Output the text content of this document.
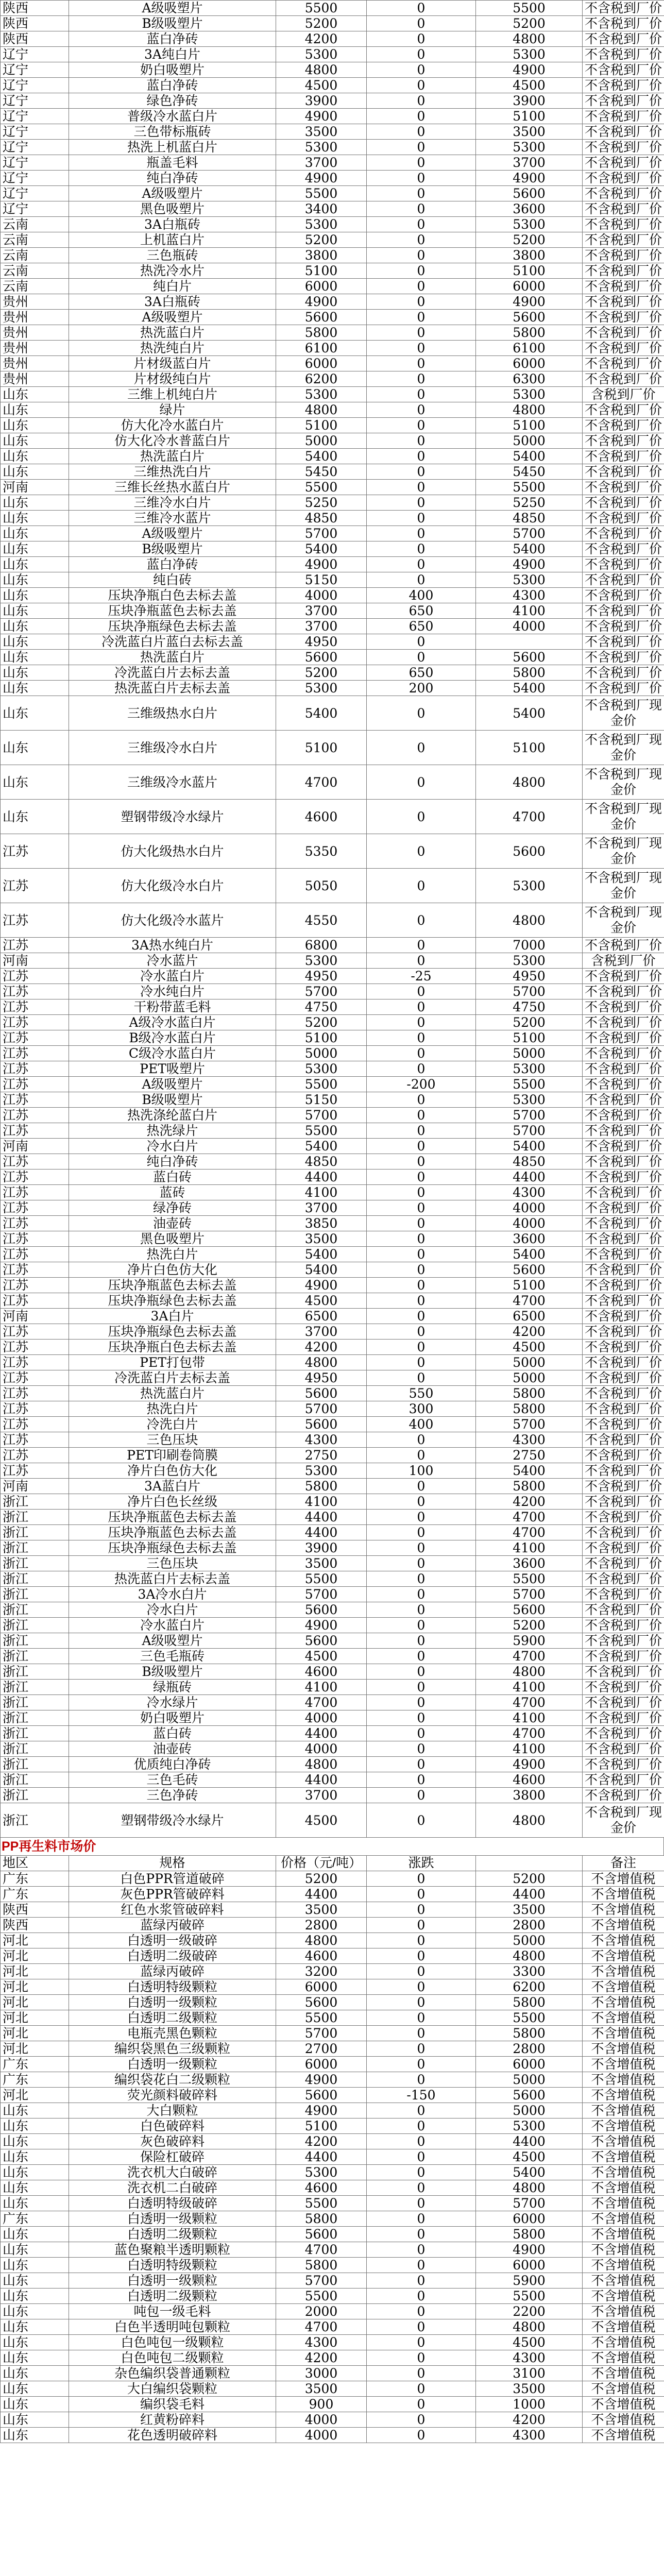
陕西	A级吸塑片	5500	0	5500	不含税到厂价
陕西	B级吸塑片	5200	0	5200	不含税到厂价
陕西	蓝白净砖	4200	0	4800	不含税到厂价
辽宁	3A纯白片	5300	0	5300	不含税到厂价
辽宁	奶白吸塑片	4800	0	4900	不含税到厂价
辽宁	蓝白净砖	4500	0	4500	不含税到厂价
辽宁	绿色净砖	3900	0	3900	不含税到厂价
辽宁	普级冷水蓝白片	4900	0	5100	不含税到厂价
辽宁	三色带标瓶砖	3500	0	3500	不含税到厂价
辽宁	热洗上机蓝白片	5300	0	5300	不含税到厂价
辽宁	瓶盖毛料	3700	0	3700	不含税到厂价
辽宁	纯白净砖	4900	0	4900	不含税到厂价
辽宁	A级吸塑片	5500	0	5600	不含税到厂价
辽宁	黑色吸塑片	3400	0	3600	不含税到厂价
云南	3A白瓶砖	5300	0	5300	不含税到厂价
云南	上机蓝白片	5200	0	5200	不含税到厂价
云南	三色瓶砖	3800	0	3800	不含税到厂价
云南	热洗冷水片	5100	0	5100	不含税到厂价
云南	纯白片	6000	0	6000	不含税到厂价
贵州	3A白瓶砖	4900	0	4900	不含税到厂价
贵州	A级吸塑片	5600	0	5600	不含税到厂价
贵州	热洗蓝白片	5800	0	5800	不含税到厂价
贵州	热洗纯白片	6100	0	6100	不含税到厂价
贵州	片材级蓝白片	6000	0	6000	不含税到厂价
贵州	片材级纯白片	6200	0	6300	不含税到厂价
山东	三维上机纯白片	5300	0	5300	含税到厂价
山东	绿片	4800	0	4800	不含税到厂价
山东	仿大化冷水蓝白片	5100	0	5100	不含税到厂价
山东	仿大化冷水普蓝白片	5000	0	5000	不含税到厂价
山东	热洗蓝白片	5400	0	5400	不含税到厂价
山东	三维热洗白片	5450	0	5450	不含税到厂价
河南	三维长丝热水蓝白片	5500	0	5500	不含税到厂价
山东	三维冷水白片	5250	0	5250	不含税到厂价
山东	三维冷水蓝片	4850	0	4850	不含税到厂价
山东	A级吸塑片	5700	0	5700	不含税到厂价
山东	B级吸塑片	5400	0	5400	不含税到厂价
山东	蓝白净砖	4900	0	4900	不含税到厂价
山东	纯白砖	5150	0	5300	不含税到厂价
山东	压块净瓶白色去标去盖	4000	400	4300	不含税到厂价
山东	压块净瓶蓝色去标去盖	3700	650	4100	不含税到厂价
山东	压块净瓶绿色去标去盖	3700	650	4000	不含税到厂价
山东	冷洗蓝白片蓝白去标去盖	4950	0		不含税到厂价
山东	热洗蓝白片	5600	0	5600	不含税到厂价
山东	冷洗蓝白片去标去盖	5200	650	5800	不含税到厂价
山东	热洗蓝白片去标去盖	5300	200	5400	不含税到厂价
山东	三维级热水白片	5400	0	5400	不含税到厂现金价
山东	三维级冷水白片	5100	0	5100	不含税到厂现金价
山东	三维级冷水蓝片	4700	0	4800	不含税到厂现金价
山东	塑钢带级冷水绿片	4600	0	4700	不含税到厂现金价
江苏	仿大化级热水白片	5350	0	5600	不含税到厂现金价
江苏	仿大化级冷水白片	5050	0	5300	不含税到厂现金价
江苏	仿大化级冷水蓝片	4550	0	4800	不含税到厂现金价
江苏	3A热水纯白片	6800	0	7000	不含税到厂价
河南	冷水蓝片	5300	0	5300	含税到厂价
江苏	冷水蓝白片	4950	-25	4950	不含税到厂价
江苏	冷水纯白片	5700	0	5700	不含税到厂价
江苏	干粉带蓝毛料	4750	0	4750	不含税到厂价
江苏	A级冷水蓝白片	5200	0	5200	不含税到厂价
江苏	B级冷水蓝白片	5100	0	5100	不含税到厂价
江苏	C级冷水蓝白片	5000	0	5000	不含税到厂价
江苏	PET吸塑片	5300	0	5300	不含税到厂价
江苏	A级吸塑片	5500	-200	5500	不含税到厂价
江苏	B级吸塑片	5150	0	5300	不含税到厂价
江苏	热洗涤纶蓝白片	5700	0	5700	不含税到厂价
江苏	热洗绿片	5500	0	5700	不含税到厂价
河南	冷水白片	5400	0	5400	不含税到厂价
江苏	纯白净砖	4850	0	4850	不含税到厂价
江苏	蓝白砖	4400	0	4400	不含税到厂价
江苏	蓝砖	4100	0	4300	不含税到厂价
江苏	绿净砖	3700	0	4000	不含税到厂价
江苏	油壶砖	3850	0	4000	不含税到厂价
江苏	黑色吸塑片	3500	0	3600	不含税到厂价
江苏	热洗白片	5400	0	5400	不含税到厂价
江苏	净片白色仿大化	5400	0	5600	不含税到厂价
江苏	压块净瓶蓝色去标去盖	4900	0	5100	不含税到厂价
江苏	压块净瓶绿色去标去盖	4500	0	4700	不含税到厂价
河南	3A白片	6500	0	6500	不含税到厂价
江苏	压块净瓶绿色去标去盖	3700	0	4200	不含税到厂价
江苏	压块净瓶白色去标去盖	4200	0	4500	不含税到厂价
江苏	PET打包带	4800	0	5000	不含税到厂价
江苏	冷洗蓝白片去标去盖	4950	0	5000	不含税到厂价
江苏	热洗蓝白片	5600	550	5800	不含税到厂价
江苏	热洗白片	5700	300	5800	不含税到厂价
江苏	冷洗白片	5600	400	5700	不含税到厂价
江苏	三色压块	4300	0	4300	不含税到厂价
江苏	PET印刷卷筒膜	2750	0	2750	不含税到厂价
江苏	净片白色仿大化	5300	100	5400	不含税到厂价
河南	3A蓝白片	5800	0	5800	不含税到厂价
浙江	净片白色长丝级	4100	0	4200	不含税到厂价
浙江	压块净瓶蓝色去标去盖	4400	0	4700	不含税到厂价
浙江	压块净瓶蓝色去标去盖	4400	0	4700	不含税到厂价
浙江	压块净瓶绿色去标去盖	3900	0	4100	不含税到厂价
浙江	三色压块	3500	0	3600	不含税到厂价
浙江	热洗蓝白片去标去盖	5500	0	5500	不含税到厂价
浙江	3A冷水白片	5700	0	5700	不含税到厂价
浙江	冷水白片	5600	0	5600	不含税到厂价
浙江	冷水蓝白片	4900	0	5200	不含税到厂价
浙江	A级吸塑片	5600	0	5900	不含税到厂价
浙江	三色毛瓶砖	4500	0	4700	不含税到厂价
浙江	B级吸塑片	4600	0	4800	不含税到厂价
浙江	绿瓶砖	4100	0	4100	不含税到厂价
浙江	冷水绿片	4700	0	4700	不含税到厂价
浙江	奶白吸塑片	4000	0	4100	不含税到厂价
浙江	蓝白砖	4400	0	4700	不含税到厂价
浙江	油壶砖	4000	0	4100	不含税到厂价
浙江	优质纯白净砖	4800	0	4900	不含税到厂价
浙江	三色毛砖	4400	0	4600	不含税到厂价
浙江	三色净砖	3700	0	3800	不含税到厂价
浙江	塑钢带级冷水绿片	4500	0	4800	不含税到厂现金价
PP再生料市场价
地区	规格	价格（元/吨）	涨跌		备注
广东	白色PPR管道破碎	5200	0	5200	不含增值税
广东	灰色PPR管破碎料	4400	0	4400	不含增值税
陕西	红色水浆管破碎料	3500	0	3500	不含增值税
陕西	蓝绿丙破碎	2800	0	2800	不含增值税
河北	白透明一级破碎	4800	0	5000	不含增值税
河北	白透明二级破碎	4600	0	4800	不含增值税
河北	蓝绿丙破碎	3200	0	3300	不含增值税
河北	白透明特级颗粒	6000	0	6200	不含增值税
河北	白透明一级颗粒	5600	0	5800	不含增值税
河北	白透明二级颗粒	5500	0	5500	不含增值税
河北	电瓶壳黑色颗粒	5700	0	5800	不含增值税
河北	编织袋黑色三级颗粒	2700	0	2800	不含增值税
广东	白透明一级颗粒	6000	0	6000	不含增值税
广东	编织袋花白二级颗粒	4900	0	5000	不含增值税
河北	荧光颜料破碎料	5600	-150	5600	不含增值税
山东	大白颗粒	4900	0	5000	不含增值税
山东	白色破碎料	5100	0	5300	不含增值税
山东	灰色破碎料	4200	0	4400	不含增值税
山东	保险杠破碎	4400	0	4500	不含增值税
山东	洗衣机大白破碎	5300	0	5400	不含增值税
山东	洗衣机二白破碎	4600	0	4800	不含增值税
山东	白透明特级破碎	5500	0	5700	不含增值税
广东	白透明一级颗粒	5800	0	6000	不含增值税
山东	白透明二级颗粒	5600	0	5800	不含增值税
山东	蓝色聚粮半透明颗粒	4700	0	4900	不含增值税
山东	白透明特级颗粒	5800	0	6000	不含增值税
山东	白透明一级颗粒	5700	0	5900	不含增值税
山东	白透明二级颗粒	5500	0	5500	不含增值税
山东	吨包一级毛料	2000	0	2200	不含增值税
山东	白色半透明吨包颗粒	4700	0	4800	不含增值税
山东	白色吨包一级颗粒	4300	0	4500	不含增值税
山东	白色吨包二级颗粒	4200	0	4300	不含增值税
山东	杂色编织袋普通颗粒	3000	0	3100	不含增值税
山东	大白编织袋颗粒	3500	0	3500	不含增值税
山东	编织袋毛料	900	0	1000	不含增值税
山东	红黄粉碎料	4000	0	4200	不含增值税
山东	花色透明破碎料	4000	0	4300	不含增值税
